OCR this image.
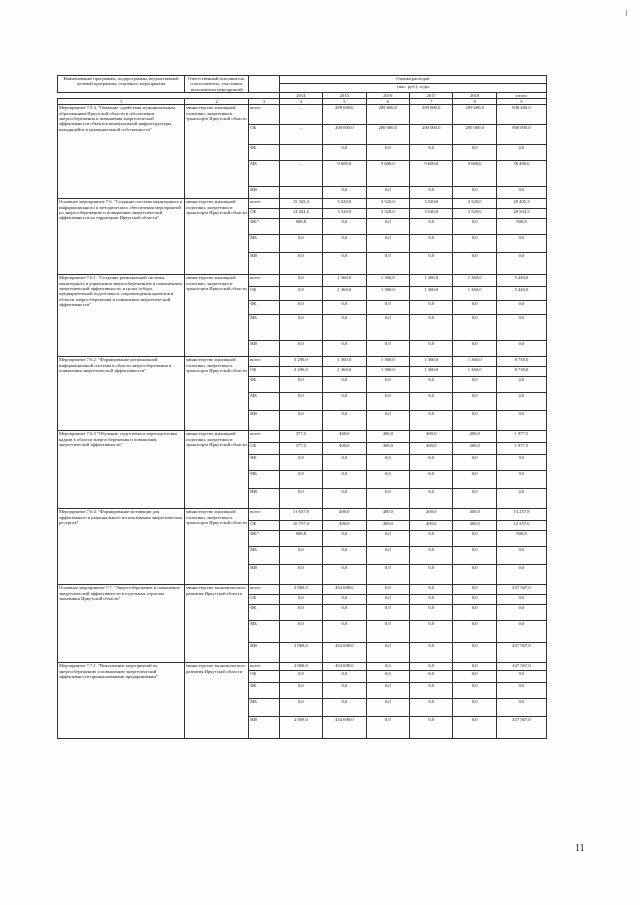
Наименование программы, подпрограммы, ведомственной целевой программы, основного мероприятия	Ответственный исполнитель, соисполнитель, участники, исполнители мероприятий		Оценка расходов					
			(тыс. руб.), годы					
			2014	2015	2016	2017	2018	итого
1	2	3	4	5	6	7	8	9
Мероприятие 7.5.4. "Оказание содействия муниципальным образованиям Иркутской области в обеспечении энергосбережения и повышения энергетической эффективности объектов коммунальной инфраструктуры, находящейся в муниципальной собственности"	министерство жилищной политики, энергетики и транспорта Иркутской области	всего	–	209 600,0	209 600,0	209 600,0	209 600,0	838 400,0
		ОБ	–	200 000,0	200 000,0	200 000,0	200 000,0	800 000,0
		ФБ		0,0	0,0	0,0	0,0	0,0
		МБ	–	9 600,0	9 600,0	9 600,0	9 600,0	38 400,0
		ИИ		0,0	0,0	0,0	0,0	0,0
Основное мероприятие 7.6. "Создание системы мониторинга и информационного и методического обеспечения мероприятий по энергосбережению и повышению энергетической эффективности на территории Иркутской области"	министерство жилищной политики, энергетики и транспорта Иркутской области	всего	15 325,3	3 520,0	3 520,0	3 520,0	3 520,0	29 405,3
		ОБ	14 424,5	3 520,0	3 520,0	3 520,0	3 520,0	28 504,5
		ФБ*	900,8	0,0	0,0	0,0	0,0	900,8
		МБ	0,0	0,0	0,0	0,0	0,0	0,0
		ИИ	0,0	0,0	0,0	0,0	0,0	0,0
Мероприятие 7.6.1. "Создание региональной системы мониторинга и управления энергосбережением и повышением энергетической эффективности, в целях отбора, предварительной подготовки и сопровождения проектов в области энергосбережения и повышения энергетической эффективности"	министерство жилищной политики, энергетики и транспорта Иркутской области	всего	0,0	1 360,0	1 360,0	1 360,0	1 360,0	5 440,0
		ОБ	0,0	1 360,0	1 360,0	1 360,0	1 360,0	5 440,0
		ФБ	0,0	0,0	0,0	0,0	0,0	0,0
		МБ	0,0	0,0	0,0	0,0	0,0	0,0
		ИИ	0,0	0,0	0,0	0,0	0,0	0,0
Мероприятие 7.6.2. "Формирование региональной информационной системы в области энергосбережения и повышения энергетической эффективности"	министерство жилищной политики, энергетики и транспорта Иркутской области	всего	3 290,0	1 360,0	1 360,0	1 360,0	1 360,0	8 730,0
		ОБ	3 290,0	1 360,0	1 360,0	1 360,0	1 360,0	8 730,0
		ФБ	0,0	0,0	0,0	0,0	0,0	0,0
		МБ	0,0	0,0	0,0	0,0	0,0	0,0
		ИИ	0,0	0,0	0,0	0,0	0,0	0,0
Мероприятие 7.6.3 "Обучение, подготовка и переподготовка кадров в области энергосбережения и повышения энергетической эффективности"	министерство жилищной политики, энергетики и транспорта Иркутской области	всего	377,5	400,0	400,0	400,0	400,0	1 977,5
		ОБ	377,5	400,0	400,0	400,0	400,0	1 977,5
		ФБ	0,0	0,0	0,0	0,0	0,0	0,0
		МБ	0,0	0,0	0,0	0,0	0,0	0,0
		ИИ	0,0	0,0	0,0	0,0	0,0	0,0
Мероприятие 7.6.4. "Формирование мотивации для эффективного и рационального использования энергетических ресурсов"	министерство жилищной политики, энергетики и транспорта Иркутской области	всего	11 657,8	400,0	400,0	400,0	400,0	13 257,8
		ОБ	10 757,0	400,0	400,0	400,0	400,0	12 357,0
		ФБ*	900,8	0,0	0,0	0,0	0,0	900,8
		МБ	0,0	0,0	0,0	0,0	0,0	0,0
		ИИ	0,0	0,0	0,0	0,0	0,0	0,0
Основное мероприятие 7.7. "Энергосбережение и повышение энергетической эффективности в отдельных отраслях экономики Иркутской области"	министерство экономического развития Иркутской области	всего	2 869,0	434 698,0	0,0	0,0	0,0	437 567,0
		ОБ	0,0	0,0	0,0	0,0	0,0	0,0
		ФБ	0,0	0,0	0,0	0,0	0,0	0,0
		МБ	0,0	0,0	0,0	0,0	0,0	0,0
		ИИ	2 869,0	434 698,0	0,0	0,0	0,0	437 567,0
Мероприятие 7.7.1. "Выполнение мероприятий по энергосбережению и повышению энергетической эффективности промышленными предприятиями"	министерство экономического развития Иркутской области	всего	2 869,0	434 698,0	0,0	0,0	0,0	437 567,0
		ОБ	0,0	0,0	0,0	0,0	0,0	0,0
		ФБ	0,0	0,0	0,0	0,0	0,0	0,0
		МБ	0,0	0,0	0,0	0,0	0,0	0,0
		ИИ	2 869,0	434 698,0	0,0	0,0	0,0	437 567,0
11
